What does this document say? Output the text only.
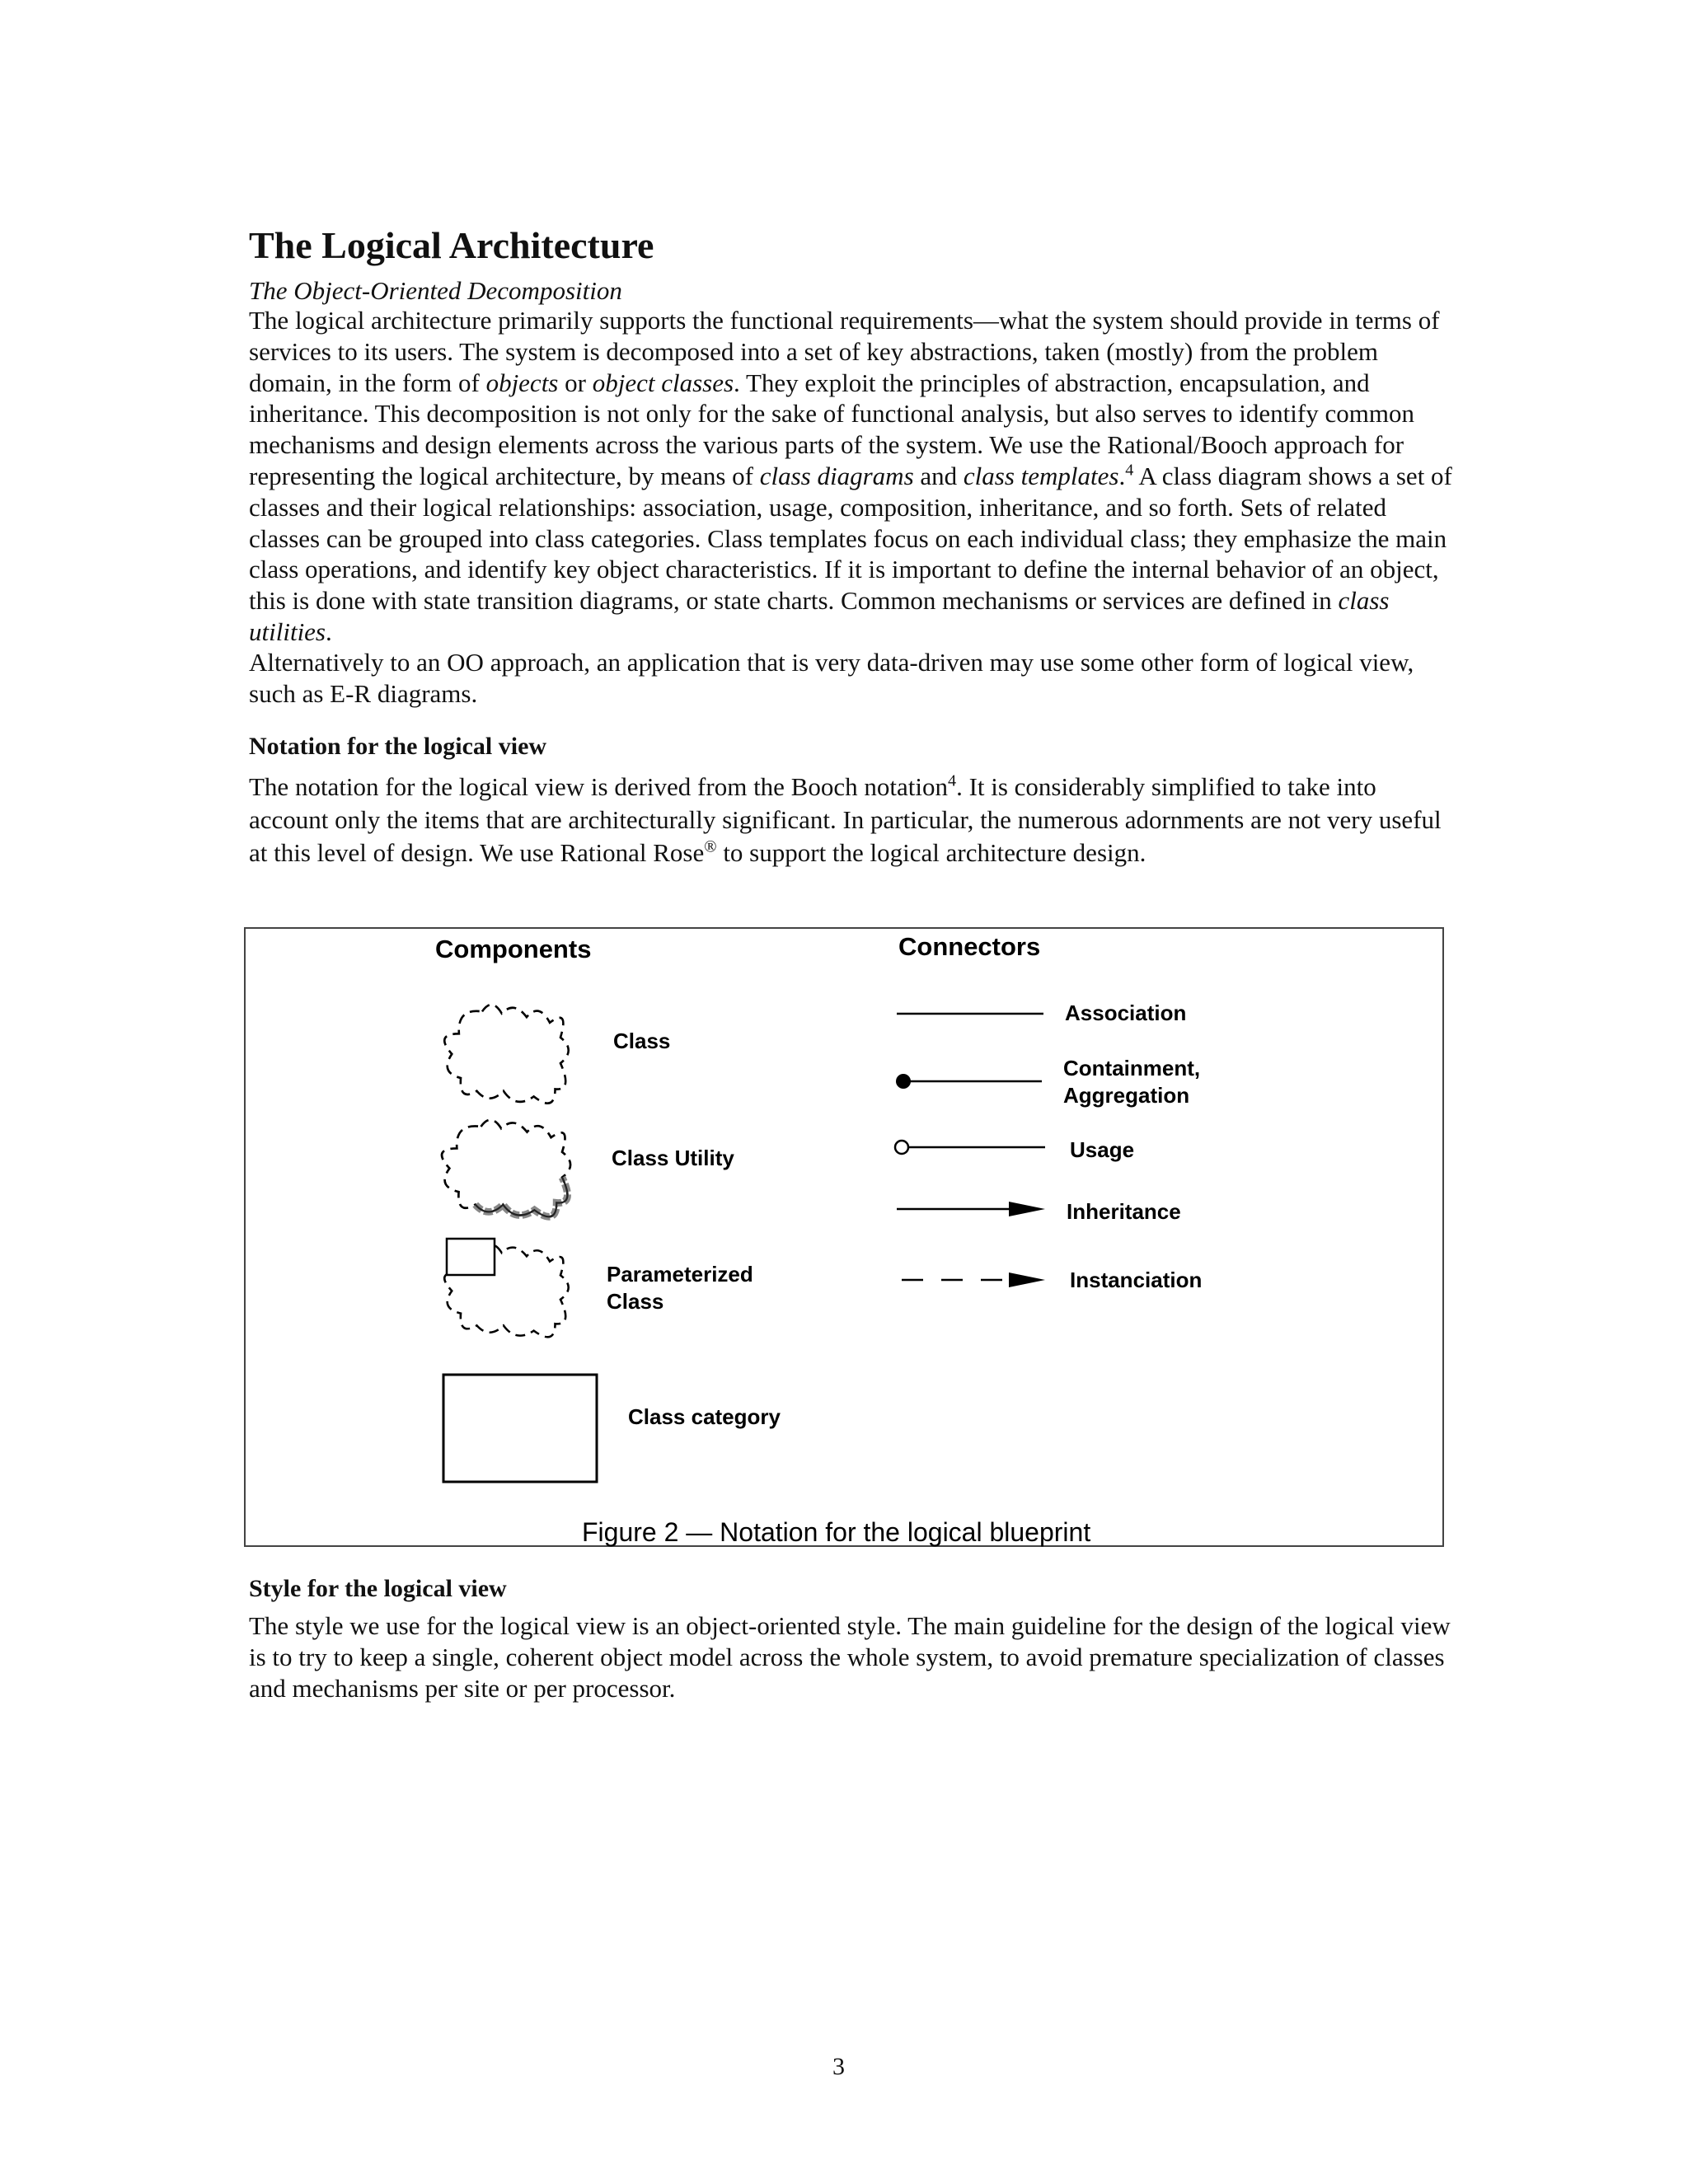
The Logical Architecture
The Object-Oriented Decomposition

The logical architecture primarily supports the functional requirements—what the system should provide in terms of services to its users. The system is decomposed into a set of key abstractions, taken (mostly) from the problem domain, in the form of objects or object classes. They exploit the principles of abstraction, encapsulation, and inheritance. This decomposition is not only for the sake of functional analysis, but also serves to identify common mechanisms and design elements across the various parts of the system. We use the Rational/Booch approach for representing the logical architecture, by means of class diagrams and class templates.$^4$ A class diagram shows a set of classes and their logical relationships: association, usage, composition, inheritance, and so forth. Sets of related classes can be grouped into class categories. Class templates focus on each individual class; they emphasize the main class operations, and identify key object characteristics. If it is important to define the internal behavior of an object, this is done with state transition diagrams, or state charts. Common mechanisms or services are defined in class utilities.

Alternatively to an OO approach, an application that is very data-driven may use some other form of logical view, such as E-R diagrams.

Notation for the logical view

The notation for the logical view is derived from the Booch notation$^4$. It is considerably simplified to take into account only the items that are architecturally significant. In particular, the numerous adornments are not very useful at this level of design. We use Rational Rose® to support the logical architecture design.

Components	Connectors
Class
Class Utility
Parameterized
Class
Class category
Association
Containment,
Aggregation
Usage
Inheritance
Instanciation
Figure 2 — Notation for the logical blueprint
Style for the logical view

The style we use for the logical view is an object-oriented style. The main guideline for the design of the logical view is to try to keep a single, coherent object model across the whole system, to avoid premature specialization of classes and mechanisms per site or per processor.

3
